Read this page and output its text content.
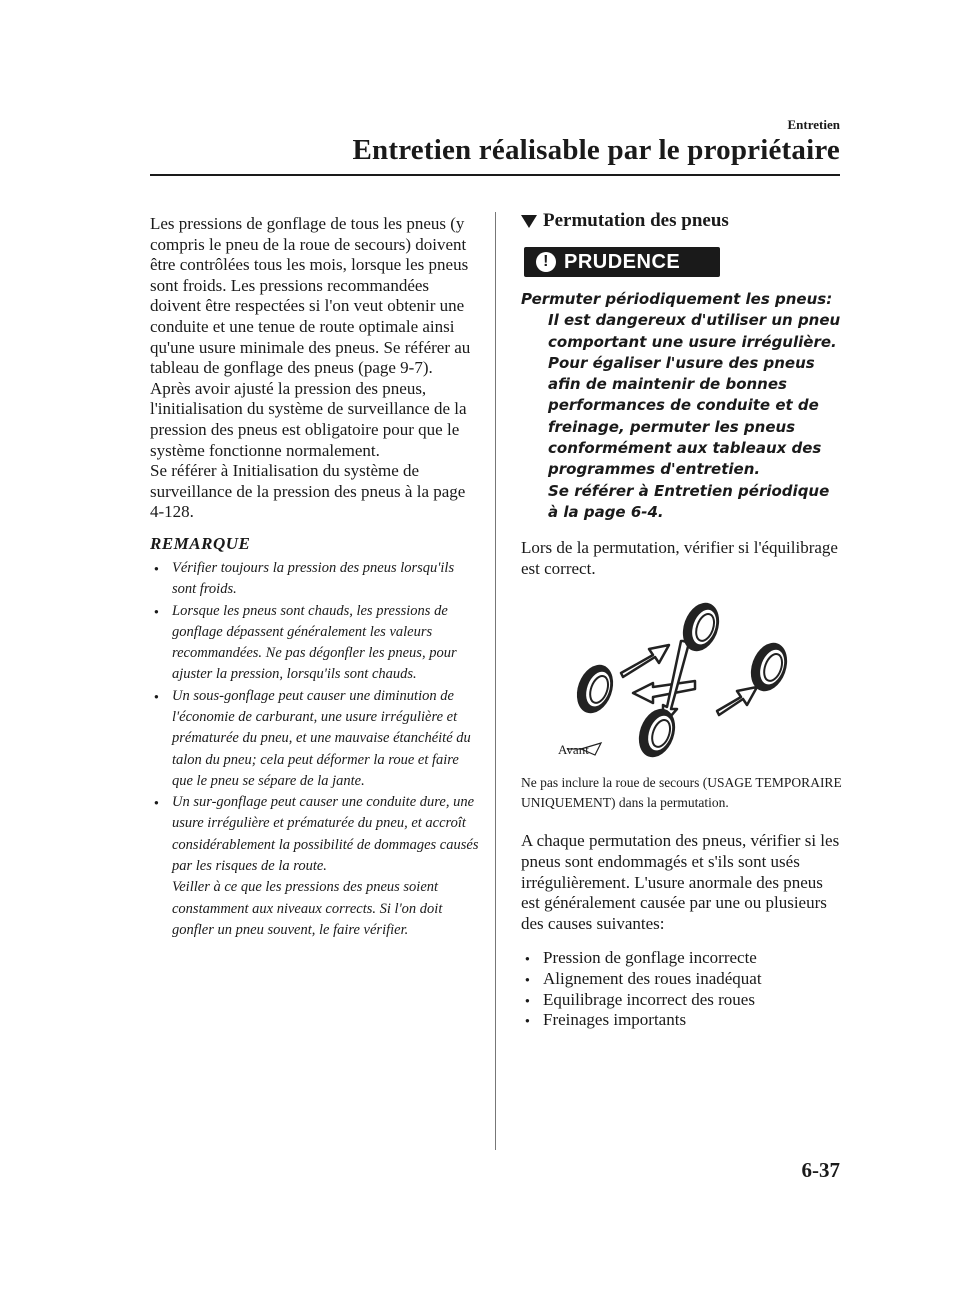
Entretien
Entretien réalisable par le propriétaire

Les pressions de gonflage de tous les pneus (y compris le pneu de la roue de secours) doivent être contrôlées tous les mois, lorsque les pneus sont froids. Les pressions recommandées doivent être respectées si l'on veut obtenir une conduite et une tenue de route optimale ainsi qu'une usure minimale des pneus. Se référer au tableau de gonflage des pneus (page 9-7).

Après avoir ajusté la pression des pneus, l'initialisation du système de surveillance de la pression des pneus est obligatoire pour que le système fonctionne normalement.

Se référer à Initialisation du système de surveillance de la pression des pneus à la page 4-128.

REMARQUE
● Vérifier toujours la pression des pneus lorsqu'ils sont froids.
● Lorsque les pneus sont chauds, les pressions de gonflage dépassent généralement les valeurs recommandées. Ne pas dégonfler les pneus, pour ajuster la pression, lorsqu'ils sont chauds.
● Un sous-gonflage peut causer une diminution de l'économie de carburant, une usure irrégulière et prématurée du pneu, et une mauvaise étanchéité du talon du pneu; cela peut déformer la roue et faire que le pneu se sépare de la jante.
● Un sur-gonflage peut causer une conduite dure, une usure irrégulière et prématurée du pneu, et accroît considérablement la possibilité de dommages causés par les risques de la route.
Veiller à ce que les pressions des pneus soient constamment aux niveaux corrects. Si l'on doit gonfler un pneu souvent, le faire vérifier.
Permutation des pneus
! PRUDENCE

Permuter périodiquement les pneus:

Il est dangereux d'utiliser un pneu comportant une usure irrégulière. Pour égaliser l'usure des pneus afin de maintenir de bonnes performances de conduite et de freinage, permuter les pneus conformément aux tableaux des programmes d'entretien.

Se référer à Entretien périodique à la page 6-4.

Lors de la permutation, vérifier si l'équilibrage est correct.

Avant

Ne pas inclure la roue de secours (USAGE TEMPORAIRE UNIQUEMENT) dans la permutation.

A chaque permutation des pneus, vérifier si les pneus sont endommagés et s'ils sont usés irrégulièrement. L'usure anormale des pneus est généralement causée par une ou plusieurs des causes suivantes:

● Pression de gonflage incorrecte
● Alignement des roues inadéquat
● Equilibrage incorrect des roues
● Freinages importants
6-37
